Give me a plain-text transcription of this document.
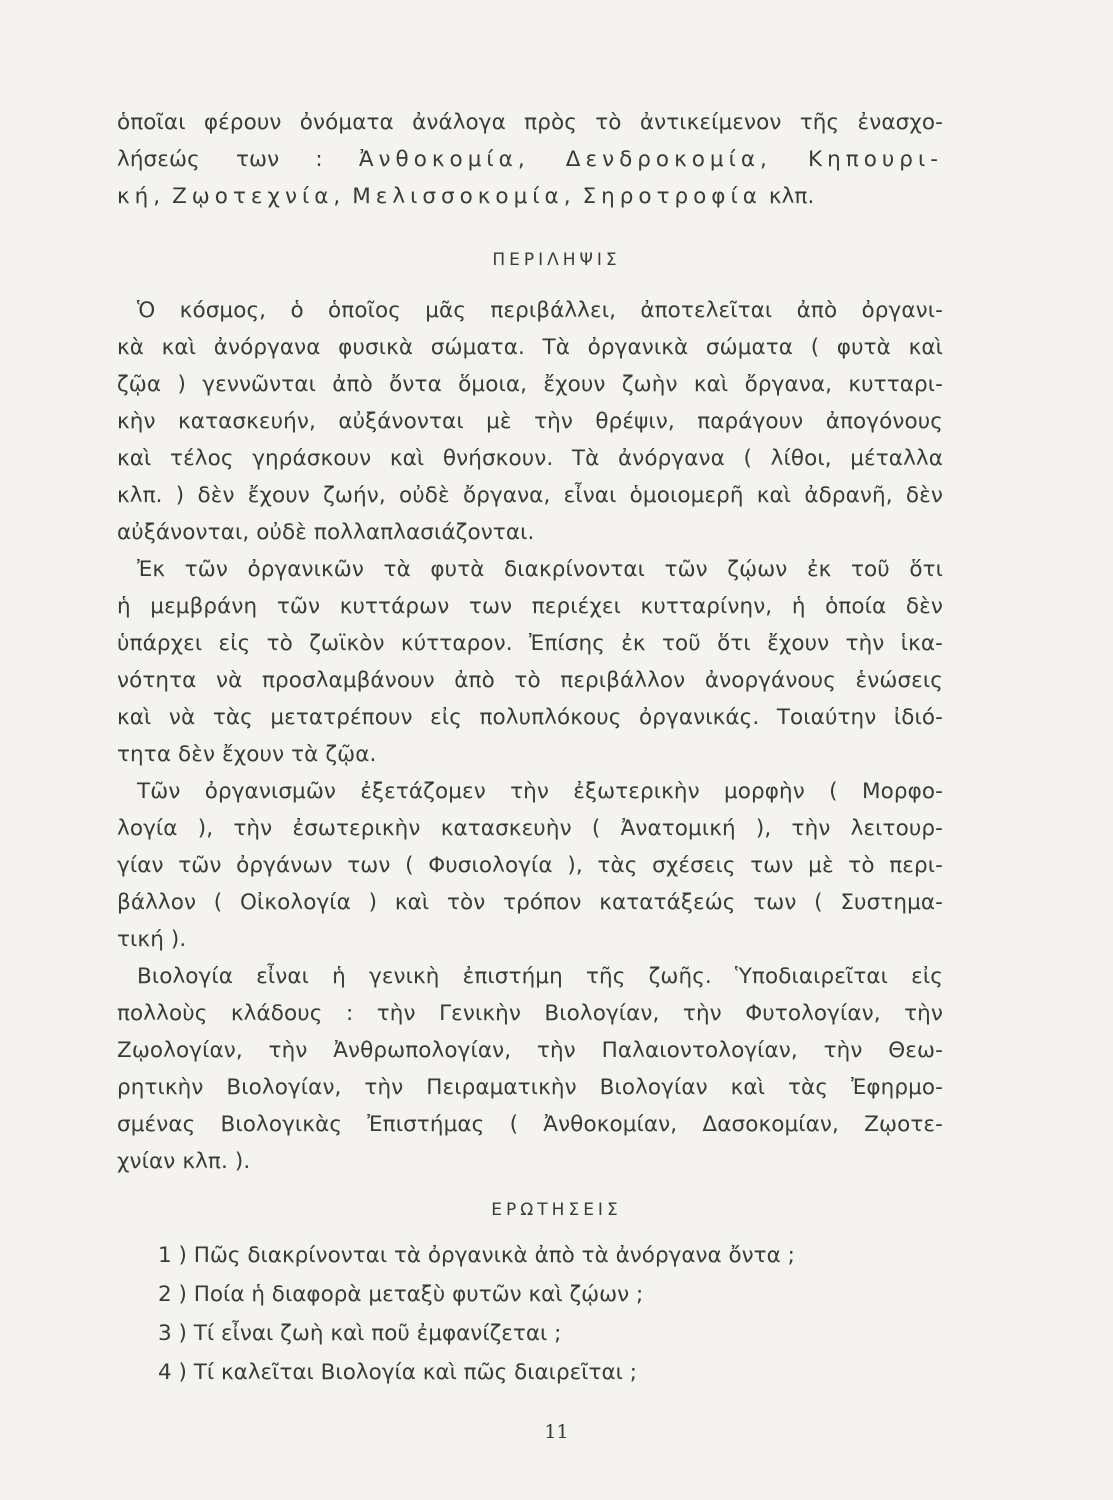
ὁποῖαι φέρουν ὀνόματα ἀνάλογα πρὸς τὸ ἀντικείμενον τῆς ἐνασχο-
λήσεώς των : Ἀνθοκομία, Δενδροκομία, Κηπουρι-
κή, Ζῳοτεχνία, Μελισσοκομία, Σηροτροφία κλπ.
ΠΕΡΙΛΗΨΙΣ
Ὁ κόσμος, ὁ ὁποῖος μᾶς περιβάλλει, ἀποτελεῖται ἀπὸ ὀργανι-
κὰ καὶ ἀνόργανα φυσικὰ σώματα. Τὰ ὀργανικὰ σώματα ( φυτὰ καὶ
ζῷα ) γεννῶνται ἀπὸ ὄντα ὅμοια, ἔχουν ζωὴν καὶ ὄργανα, κυτταρι-
κὴν κατασκευήν, αὐξάνονται μὲ τὴν θρέψιν, παράγουν ἀπογόνους
καὶ τέλος γηράσκουν καὶ θνήσκουν. Τὰ ἀνόργανα ( λίθοι, μέταλλα
κλπ. ) δὲν ἔχουν ζωήν, οὐδὲ ὄργανα, εἶναι ὁμοιομερῆ καὶ ἀδρανῆ, δὲν
αὐξάνονται, οὐδὲ πολλαπλασιάζονται.
Ἐκ τῶν ὀργανικῶν τὰ φυτὰ διακρίνονται τῶν ζῴων ἐκ τοῦ ὅτι
ἡ μεμβράνη τῶν κυττάρων των περιέχει κυτταρίνην, ἡ ὁποία δὲν
ὑπάρχει εἰς τὸ ζωϊκὸν κύτταρον. Ἐπίσης ἐκ τοῦ ὅτι ἔχουν τὴν ἱκα-
νότητα νὰ προσλαμβάνουν ἀπὸ τὸ περιβάλλον ἀνοργάνους ἑνώσεις
καὶ νὰ τὰς μετατρέπουν εἰς πολυπλόκους ὀργανικάς. Τοιαύτην ἰδιό-
τητα δὲν ἔχουν τὰ ζῷα.
Τῶν ὀργανισμῶν ἐξετάζομεν τὴν ἐξωτερικὴν μορφὴν ( Μορφο-
λογία ), τὴν ἐσωτερικὴν κατασκευὴν ( Ἀνατομική ), τὴν λειτουρ-
γίαν τῶν ὀργάνων των ( Φυσιολογία ), τὰς σχέσεις των μὲ τὸ περι-
βάλλον ( Οἰκολογία ) καὶ τὸν τρόπον κατατάξεώς των ( Συστημα-
τική ).
Βιολογία εἶναι ἡ γενικὴ ἐπιστήμη τῆς ζωῆς. Ὑποδιαιρεῖται εἰς
πολλοὺς κλάδους : τὴν Γενικὴν Βιολογίαν, τὴν Φυτολογίαν, τὴν
Ζῳολογίαν, τὴν Ἀνθρωπολογίαν, τὴν Παλαιοντολογίαν, τὴν Θεω-
ρητικὴν Βιολογίαν, τὴν Πειραματικὴν Βιολογίαν καὶ τὰς Ἐφηρμο-
σμένας Βιολογικὰς Ἐπιστήμας ( Ἀνθοκομίαν, Δασοκομίαν, Ζῳοτε-
χνίαν κλπ. ).
ΕΡΩΤΗΣΕΙΣ
1 ) Πῶς διακρίνονται τὰ ὀργανικὰ ἀπὸ τὰ ἀνόργανα ὄντα ;
2 ) Ποία ἡ διαφορὰ μεταξὺ φυτῶν καὶ ζῴων ;
3 ) Τί εἶναι ζωὴ καὶ ποῦ ἐμφανίζεται ;
4 ) Τί καλεῖται Βιολογία καὶ πῶς διαιρεῖται ;
11
